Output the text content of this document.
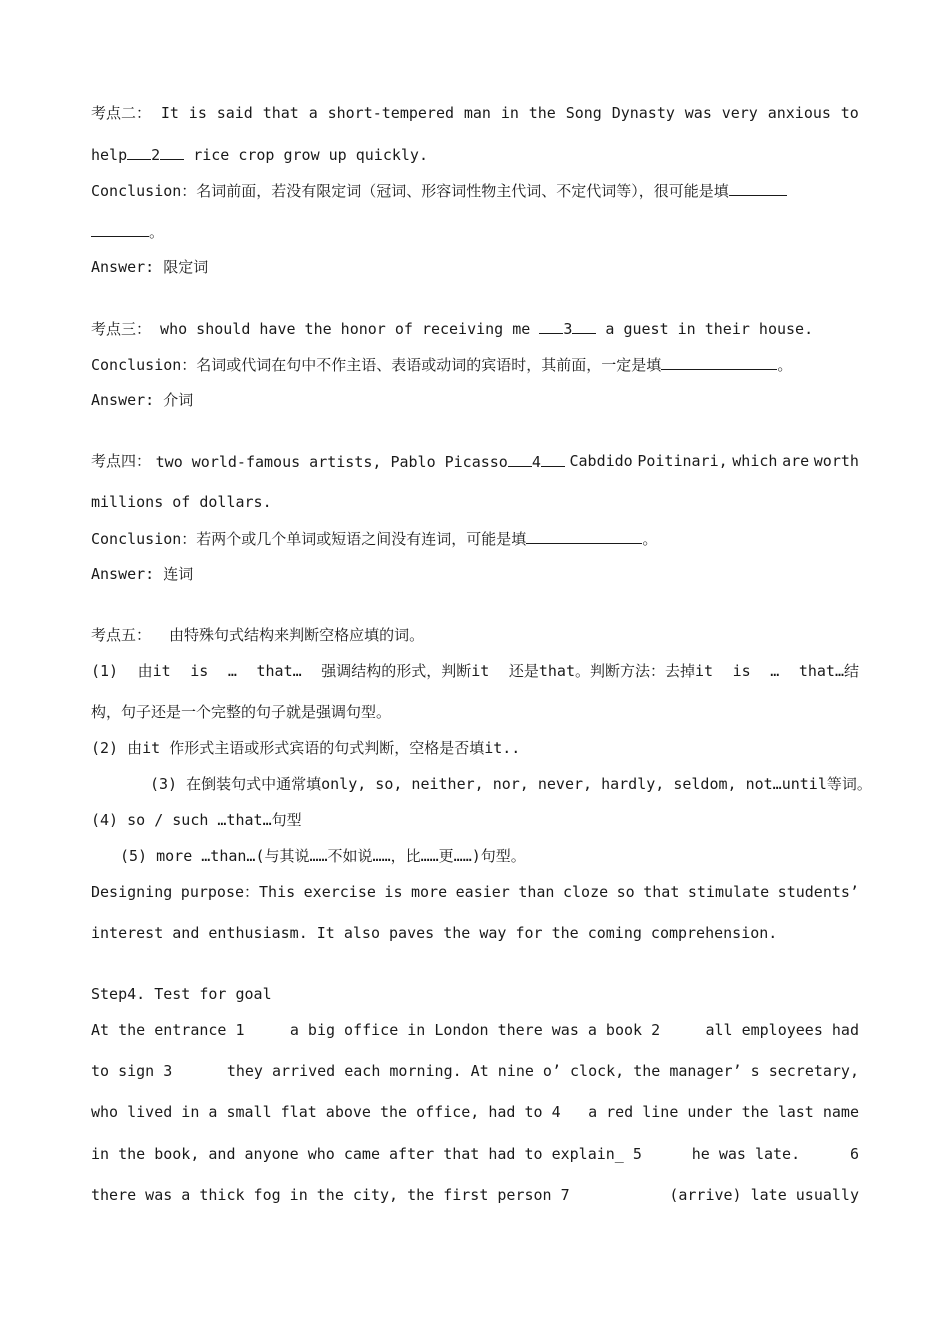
考点二： It is said that a short-tempered man in the Song Dynasty was very anxious to
help 2 rice crop grow up quickly.
Conclusion：名词前面，若没有限定词（冠词、形容词性物主代词、不定代词等），很可能是填
。
Answer: 限定词
考点三： who should have the honor of receiving me 3 a guest in their house.
Conclusion：名词或代词在句中不作主语、表语或动词的宾语时，其前面，一定是填	。
Answer: 介词
考点四： two world-famous artists, Pablo Picasso 4	Cabdido Poitinari, which are worth
millions of dollars.
Conclusion：若两个或几个单词或短语之间没有连词，可能是填	。
Answer: 连词
考点五：  由特殊句式结构来判断空格应填的词。
(1) 由it is … that… 强调结构的形式，判断it 还是that。判断方法：去掉it is … that…结
构，句子还是一个完整的句子就是强调句型。
(2) 由it 作形式主语或形式宾语的句式判断，空格是否填it..
(3) 在倒装句式中通常填only, so, neither, nor, never, hardly, seldom, not…until等词。
(4) so / such …that…句型
(5) more …than…(与其说……不如说……，比……更……)句型。
Designing purpose：This exercise is more easier than cloze so that stimulate students’
interest and enthusiasm. It also paves the way for the coming comprehension.
Step4. Test for goal
At the entrance 1	a big office in London there was a book 2	all employees had
to sign 3	they arrived each morning. At nine o’ clock, the manager’ s secretary,
who lived in a small flat above the office, had to 4 a red line under the last name
in the book, and anyone who came after that had to explain_ 5	he was late.	6
there was a thick fog in the city, the first person 7	(arrive) late usually
